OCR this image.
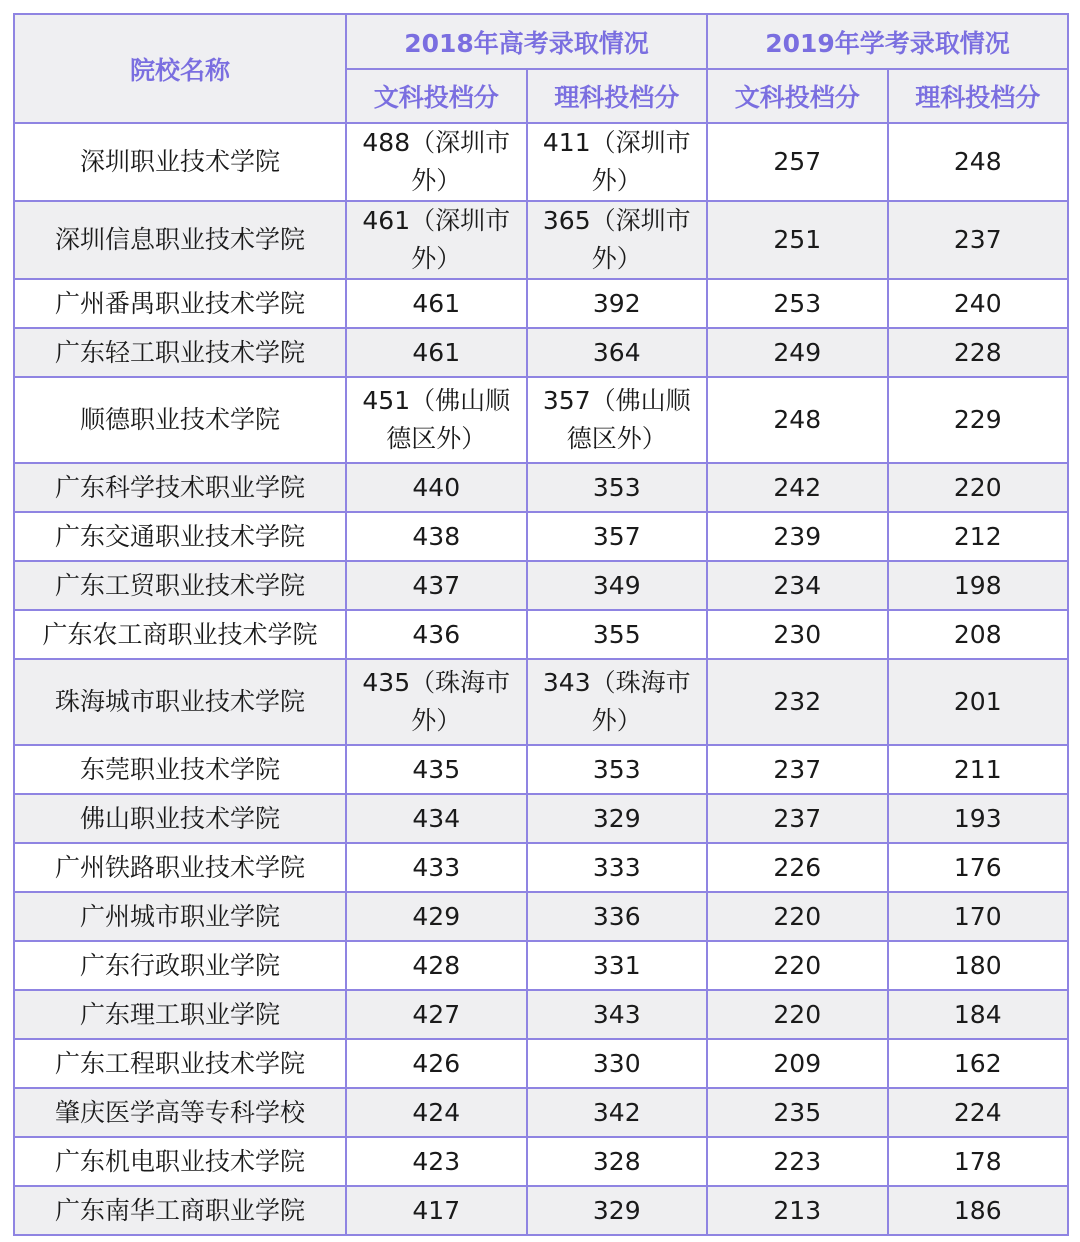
院校名称	2018年高考录取情况		2019年学考录取情况	
	文科投档分	理科投档分	文科投档分	理科投档分
深圳职业技术学院	488（深圳市外）	411（深圳市外）	257	248
深圳信息职业技术学院	461（深圳市外）	365（深圳市外）	251	237
广州番禺职业技术学院	461	392	253	240
广东轻工职业技术学院	461	364	249	228
顺德职业技术学院	451（佛山顺德区外）	357（佛山顺德区外）	248	229
广东科学技术职业学院	440	353	242	220
广东交通职业技术学院	438	357	239	212
广东工贸职业技术学院	437	349	234	198
广东农工商职业技术学院	436	355	230	208
珠海城市职业技术学院	435（珠海市外）	343（珠海市外）	232	201
东莞职业技术学院	435	353	237	211
佛山职业技术学院	434	329	237	193
广州铁路职业技术学院	433	333	226	176
广州城市职业学院	429	336	220	170
广东行政职业学院	428	331	220	180
广东理工职业学院	427	343	220	184
广东工程职业技术学院	426	330	209	162
肇庆医学高等专科学校	424	342	235	224
广东机电职业技术学院	423	328	223	178
广东南华工商职业学院	417	329	213	186
